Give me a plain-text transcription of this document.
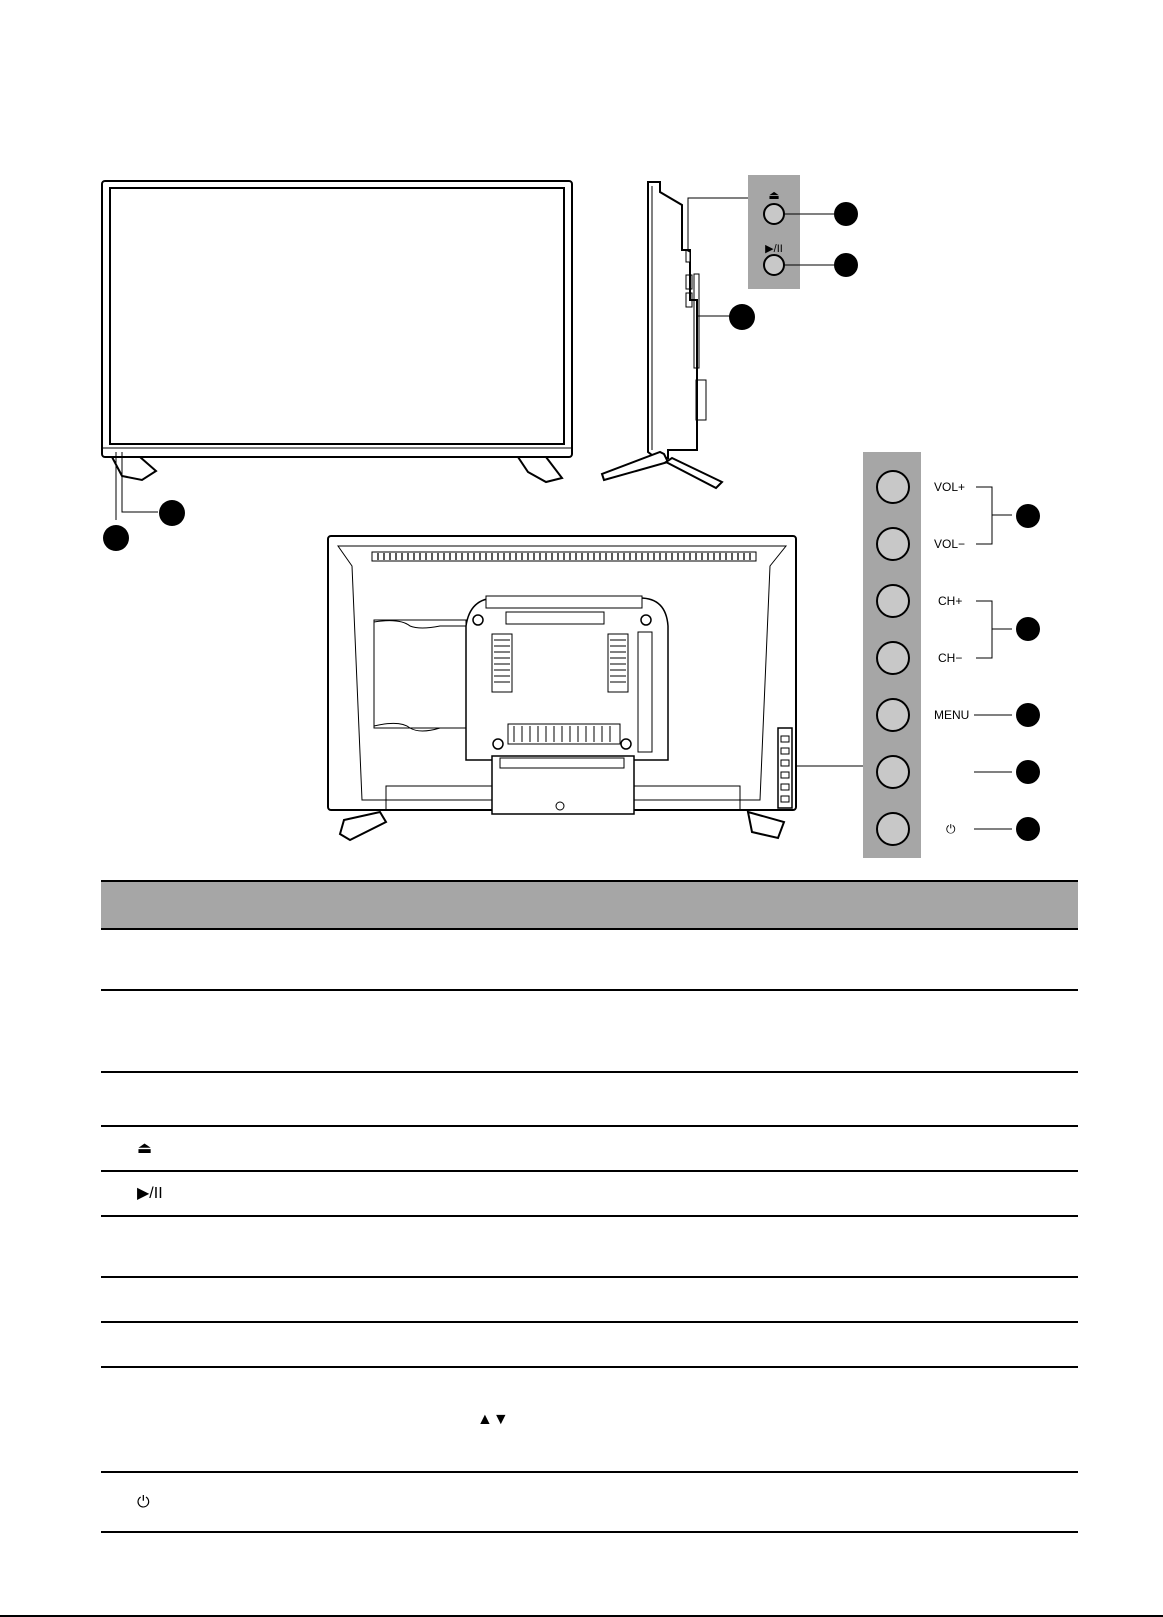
⏏
▶/II
VOL+
VOL−
CH+
CH−
MENU
⏻

⏏		
▶/II		

		▲▼
⏻		
